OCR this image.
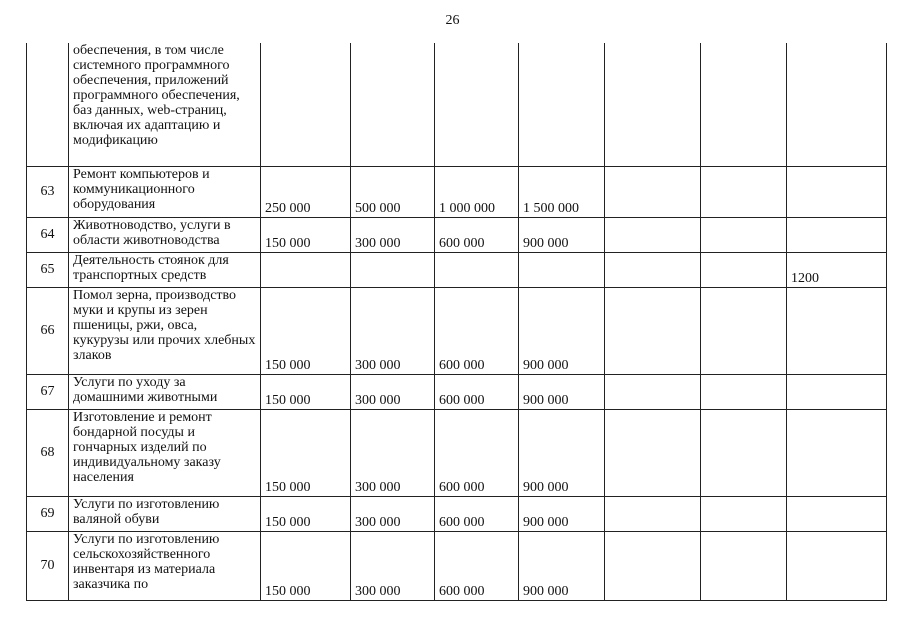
26
	обеспечения, в том числе системного программного обеспечения, приложений программного обеспечения, баз данных, web-страниц, включая их адаптацию и модификацию							
63	Ремонт компьютеров и коммуникационного оборудования	250 000	500 000	1 000 000	1 500 000			
64	Животноводство, услуги в области животноводства	150 000	300 000	600 000	900 000			
65	Деятельность стоянок для транспортных средств							1200
66	Помол зерна, производство муки и крупы из зерен пшеницы, ржи, овса, кукурузы или прочих хлебных злаков	150 000	300 000	600 000	900 000			
67	Услуги по уходу за домашними животными	150 000	300 000	600 000	900 000			
68	Изготовление и ремонт бондарной посуды и гончарных изделий по индивидуальному заказу населения	150 000	300 000	600 000	900 000			
69	Услуги по изготовлению валяной обуви	150 000	300 000	600 000	900 000			
70	Услуги по изготовлению сельскохозяйственного инвентаря из материала заказчика по	150 000	300 000	600 000	900 000			
